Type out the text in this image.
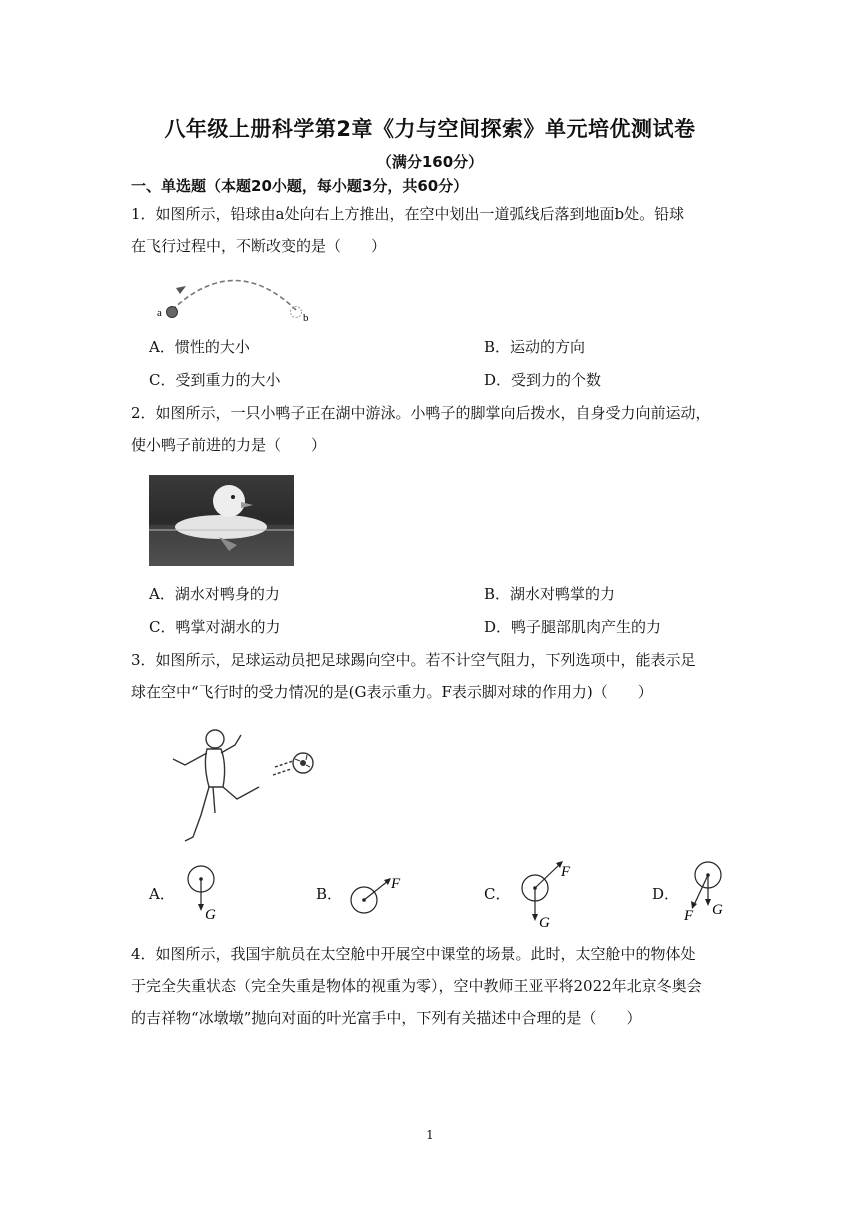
八年级上册科学第2章《力与空间探索》单元培优测试卷
（满分160分）
一、单选题（本题20小题，每小题3分，共60分）
1．如图所示，铅球由a处向右上方推出，在空中划出一道弧线后落到地面b处。铅球
在飞行过程中，不断改变的是（　　）
a	b
A．惯性的大小	B．运动的方向
C．受到重力的大小	D．受到力的个数
2．如图所示，一只小鸭子正在湖中游泳。小鸭子的脚掌向后拨水，自身受力向前运动，
使小鸭子前进的力是（　　）
A．湖水对鸭身的力	B．湖水对鸭掌的力
C．鸭掌对湖水的力	D．鸭子腿部肌肉产生的力
3．如图所示，足球运动员把足球踢向空中。若不计空气阻力，下列选项中，能表示足
球在空中“飞行时的受力情况的是(G表示重力。F表示脚对球的作用力)（　　）
A．
G
B．
F
C．
F
G
D．
G
F
4．如图所示，我国宇航员在太空舱中开展空中课堂的场景。此时，太空舱中的物体处
于完全失重状态（完全失重是物体的视重为零），空中教师王亚平将2022年北京冬奥会
的吉祥物“冰墩墩”抛向对面的叶光富手中，下列有关描述中合理的是（　　）
1
